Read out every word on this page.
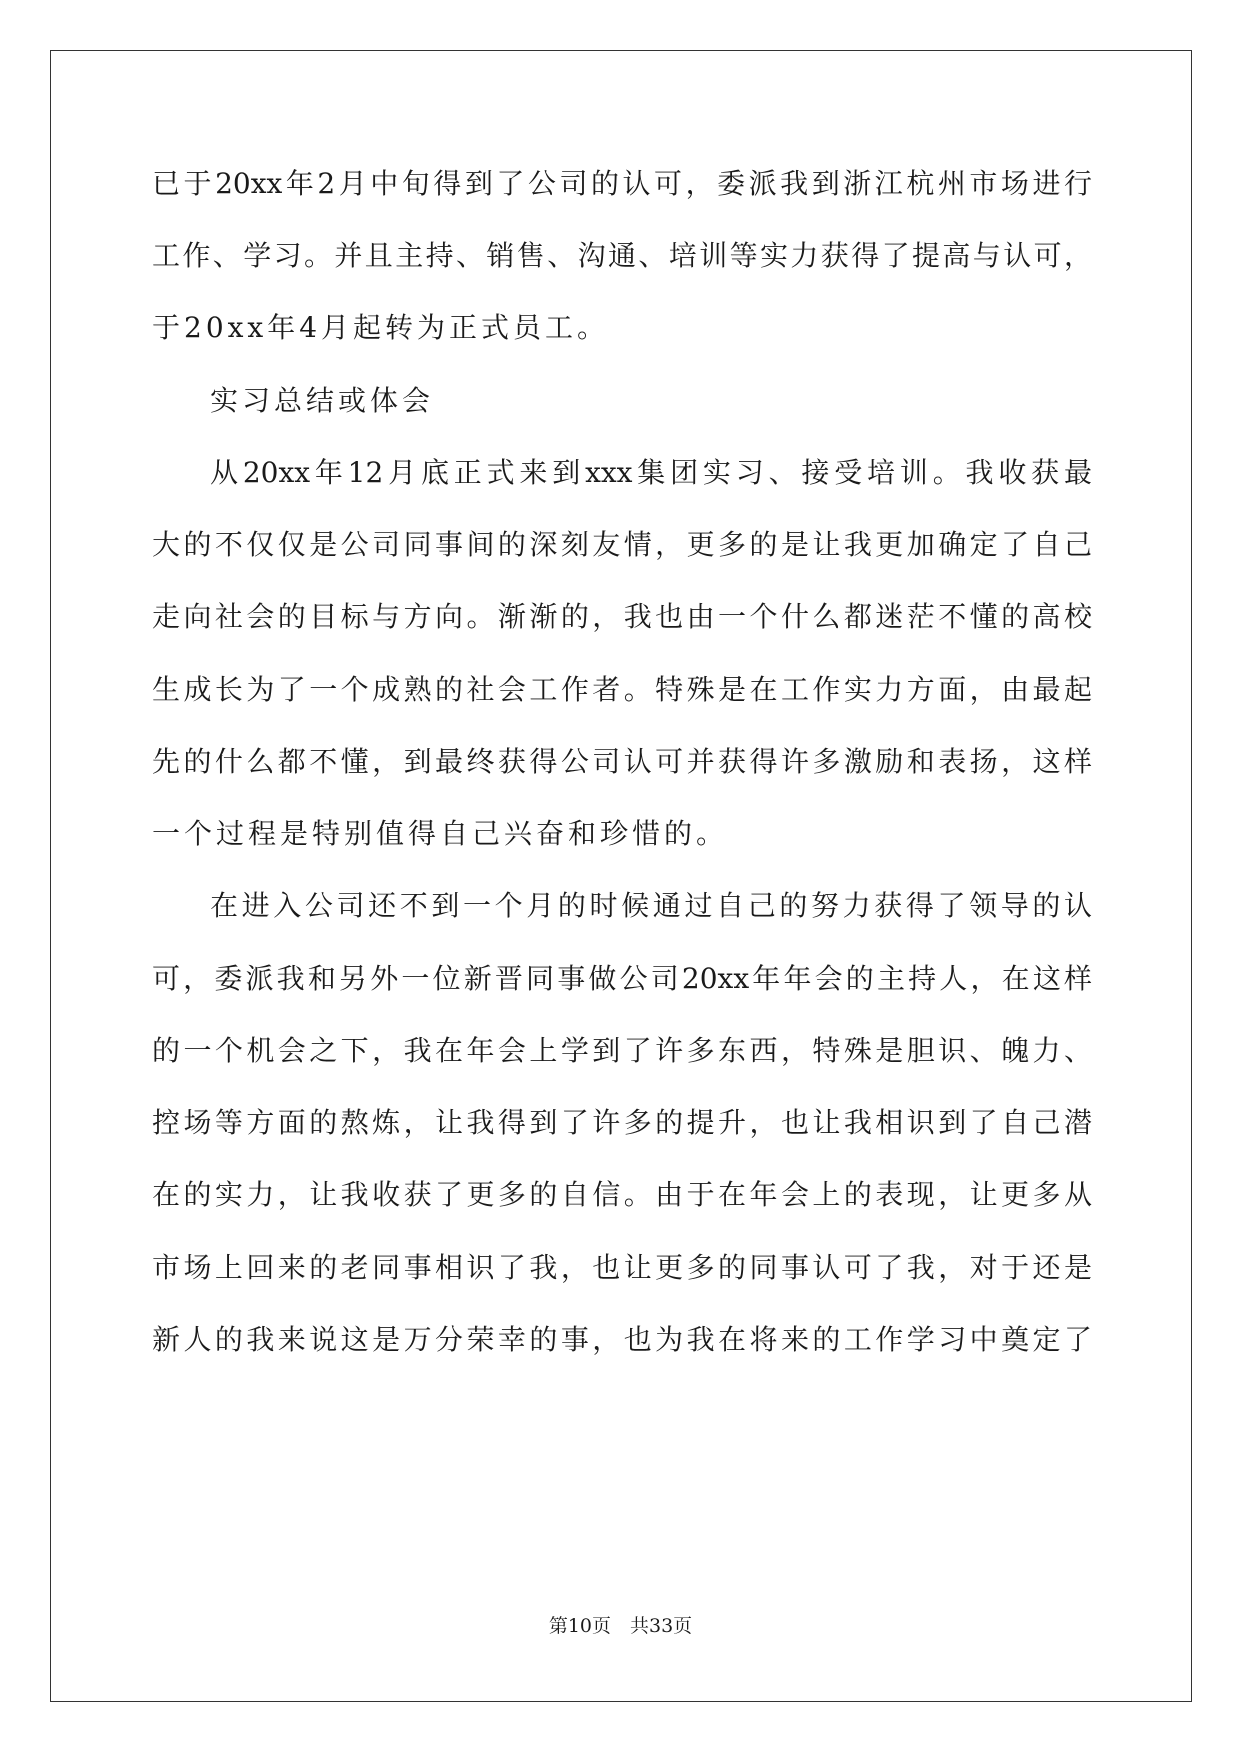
已于20xx年2月中旬得到了公司的认可，委派我到浙江杭州市场进行
工作、学习。并且主持、销售、沟通、培训等实力获得了提高与认可，
于20xx年4月起转为正式员工。
实习总结或体会
从20xx年12月底正式来到xxx集团实习、接受培训。我收获最
大的不仅仅是公司同事间的深刻友情，更多的是让我更加确定了自己
走向社会的目标与方向。渐渐的，我也由一个什么都迷茫不懂的高校
生成长为了一个成熟的社会工作者。特殊是在工作实力方面，由最起
先的什么都不懂，到最终获得公司认可并获得许多激励和表扬，这样
一个过程是特别值得自己兴奋和珍惜的。
在进入公司还不到一个月的时候通过自己的努力获得了领导的认
可，委派我和另外一位新晋同事做公司20xx年年会的主持人，在这样
的一个机会之下，我在年会上学到了许多东西，特殊是胆识、魄力、
控场等方面的熬炼，让我得到了许多的提升，也让我相识到了自己潜
在的实力，让我收获了更多的自信。由于在年会上的表现，让更多从
市场上回来的老同事相识了我，也让更多的同事认可了我，对于还是
新人的我来说这是万分荣幸的事，也为我在将来的工作学习中奠定了
第10页　共33页
